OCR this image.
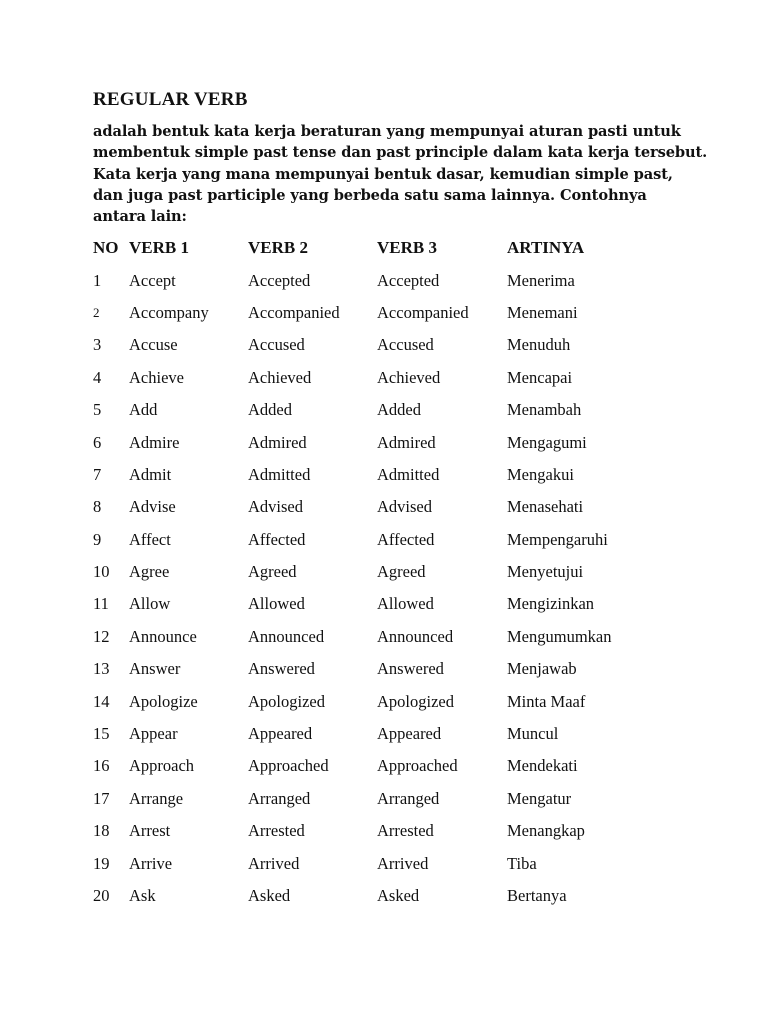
REGULAR VERB
adalah bentuk kata kerja beraturan yang mempunyai aturan pasti untuk
membentuk simple past tense dan past principle dalam kata kerja tersebut.
Kata kerja yang mana mempunyai bentuk dasar, kemudian simple past,
dan juga past participle yang berbeda satu sama lainnya. Contohnya
antara lain:
NO	VERB 1	VERB 2	VERB 3	ARTINYA
1	Accept	Accepted	Accepted	Menerima
2	Accompany	Accompanied	Accompanied	Menemani
3	Accuse	Accused	Accused	Menuduh
4	Achieve	Achieved	Achieved	Mencapai
5	Add	Added	Added	Menambah
6	Admire	Admired	Admired	Mengagumi
7	Admit	Admitted	Admitted	Mengakui
8	Advise	Advised	Advised	Menasehati
9	Affect	Affected	Affected	Mempengaruhi
10	Agree	Agreed	Agreed	Menyetujui
11	Allow	Allowed	Allowed	Mengizinkan
12	Announce	Announced	Announced	Mengumumkan
13	Answer	Answered	Answered	Menjawab
14	Apologize	Apologized	Apologized	Minta Maaf
15	Appear	Appeared	Appeared	Muncul
16	Approach	Approached	Approached	Mendekati
17	Arrange	Arranged	Arranged	Mengatur
18	Arrest	Arrested	Arrested	Menangkap
19	Arrive	Arrived	Arrived	Tiba
20	Ask	Asked	Asked	Bertanya
